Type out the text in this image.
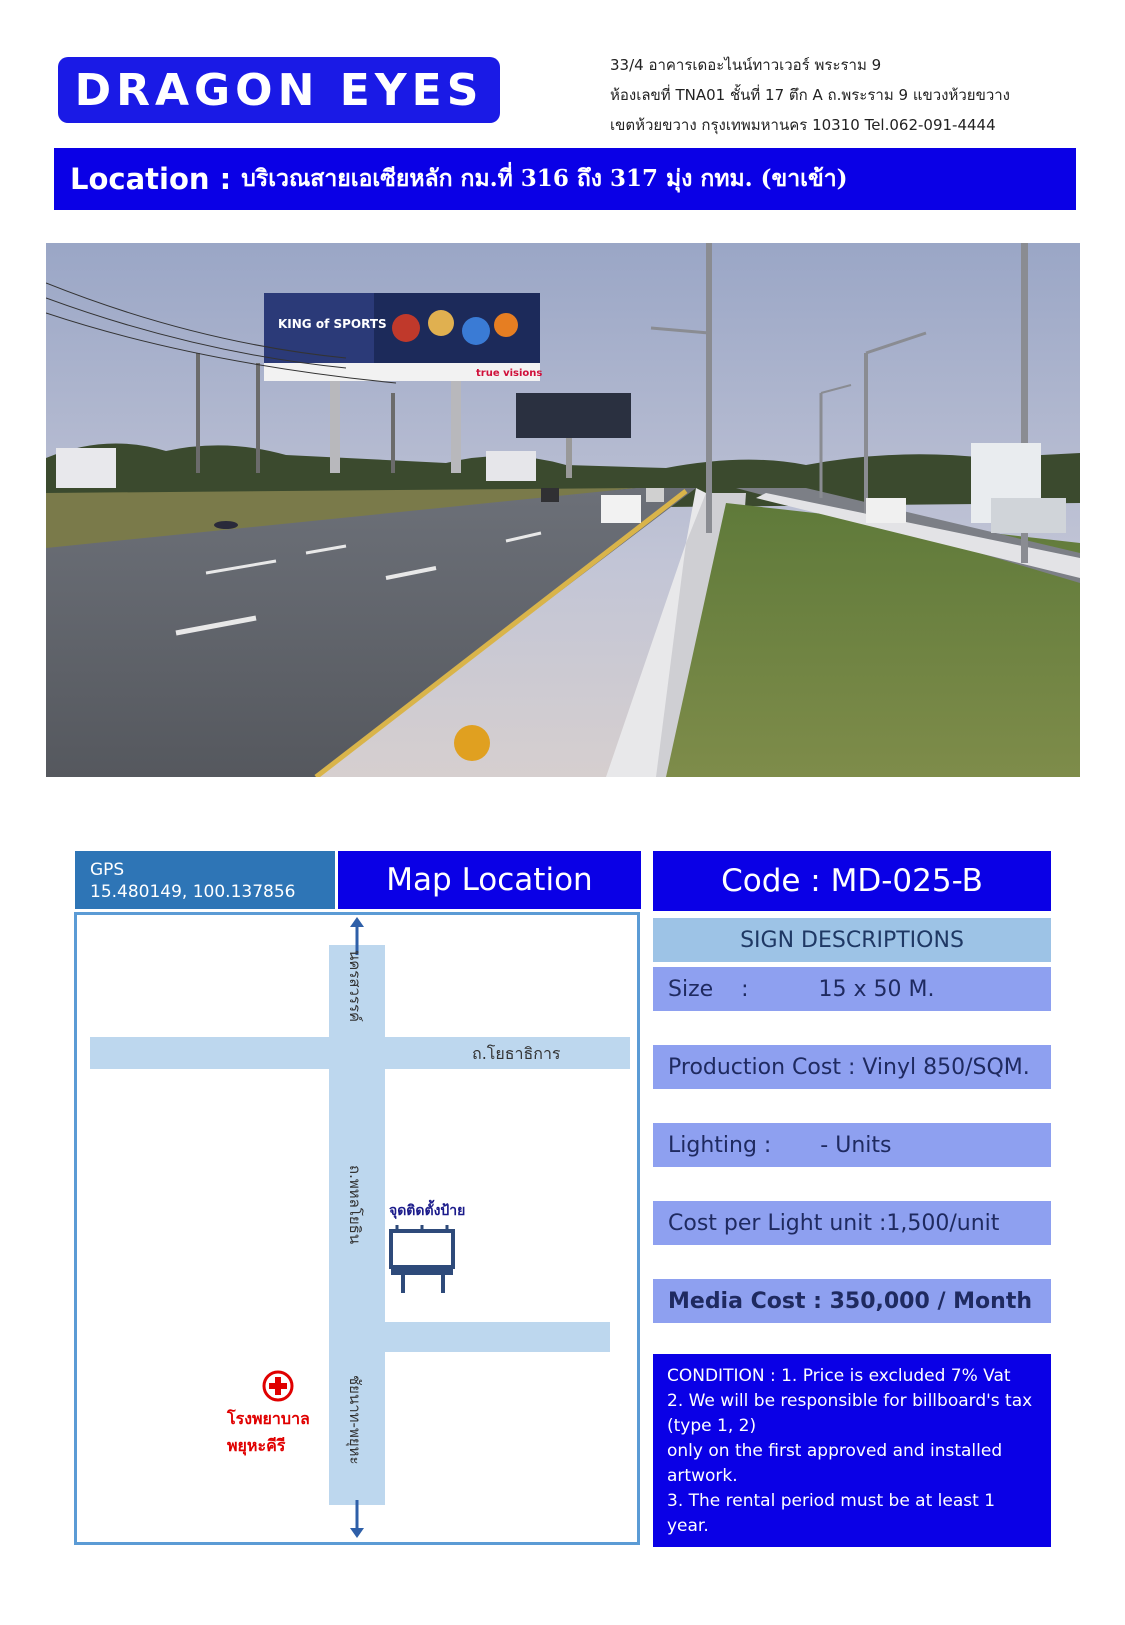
DRAGON EYES	33/4 อาคารเดอะไนน์ทาวเวอร์ พระราม 9
ห้องเลขที่ TNA01 ชั้นที่ 17 ตึก A ถ.พระราม 9 แขวงห้วยขวาง
เขตห้วยขวาง กรุงเทพมหานคร 10310 Tel.062-091-4444
Location : บริเวณสายเอเซียหลัก กม.ที่ 316 ถึง 317 มุ่ง กทม. (ขาเข้า)
KING of SPORTS
true visions
GPS
15.480149, 100.137856	Map Location
นครสวรรค์
ถ.โยธาธิการ
ถ.พหลโยธิน
ชัยนาท-พยุหะ
จุดติดตั้งป้าย
โรงพยาบาล
พยุหะคีรี
Code : MD-025-B
SIGN DESCRIPTIONS
Size    :          15 x 50 M.
Production Cost : Vinyl 850/SQM.
Lighting :       - Units
Cost per Light unit :1,500/unit
Media Cost : 350,000 / Month
CONDITION : 1. Price is excluded 7% Vat
2. We will be responsible for billboard's tax (type 1, 2)
only on the first approved and installed artwork.
3. The rental period must be at least 1 year.
